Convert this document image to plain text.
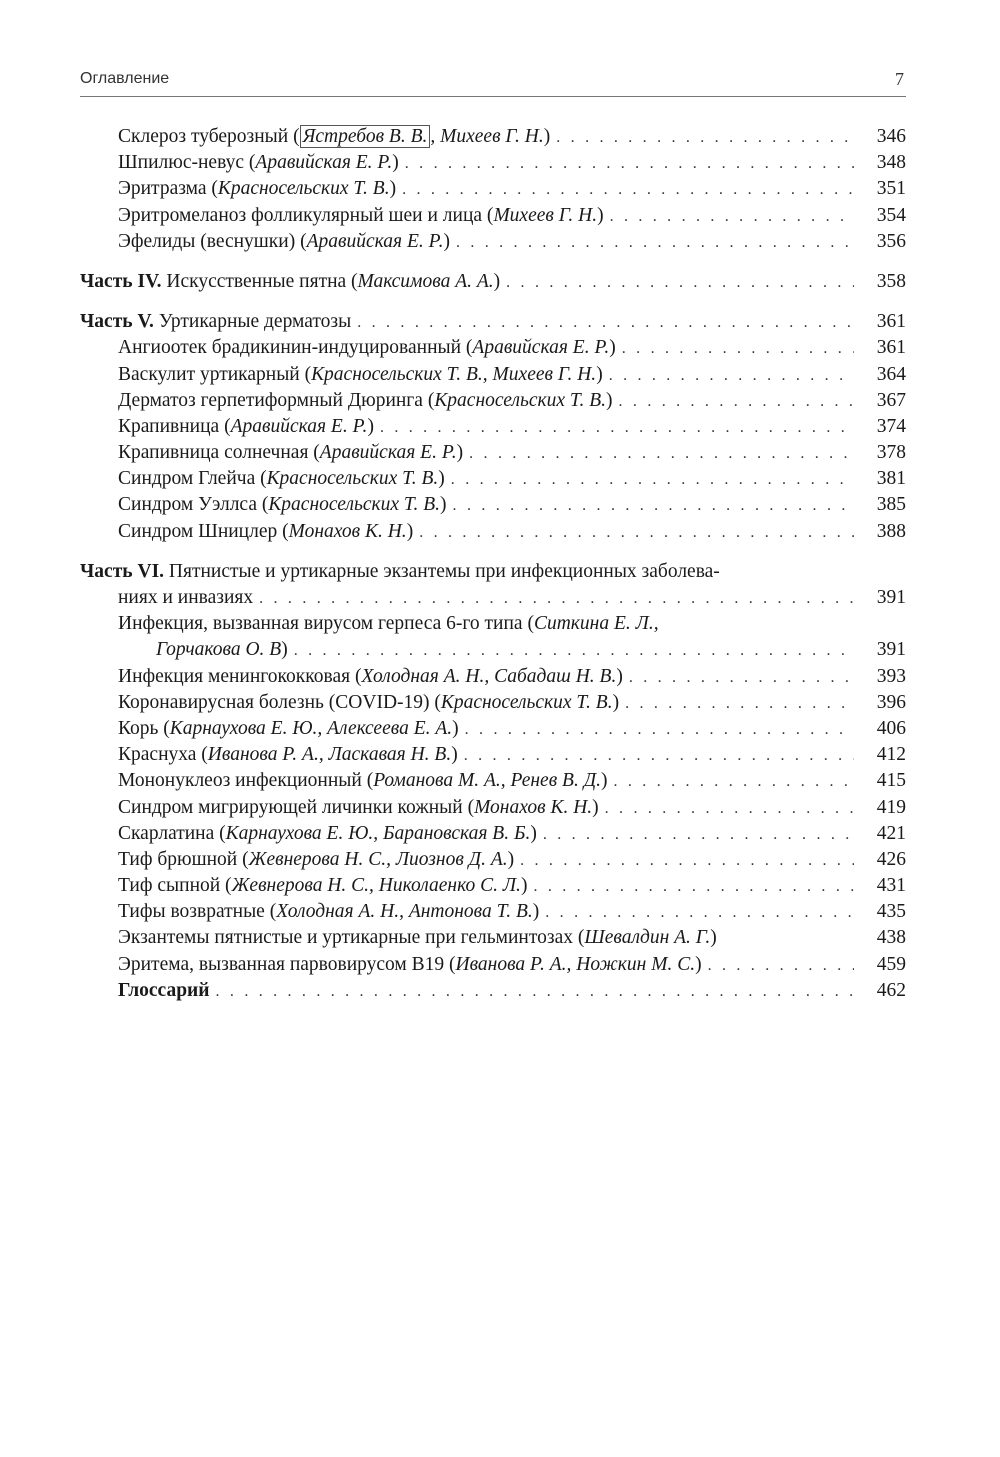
Оглавление	7
Склероз туберозный ( Ястребов В. В. , Михеев Г. Н.) . . .	346
Шпилюс-невус (Аравийская Е. Р.) . . .	348
Эритразма (Красносельских Т. В.) . . .	351
Эритромеланоз фолликулярный шеи и лица (Михеев Г. Н.) . . .	354
Эфелиды (веснушки) (Аравийская Е. Р.) . . .	356
Часть IV. Искусственные пятна (Максимова А. А.) . . .	358
Часть V. Уртикарные дерматозы . . .	361
Ангиоотек брадикинин-индуцированный (Аравийская Е. Р.) . . .	361
Васкулит уртикарный (Красносельских Т. В., Михеев Г. Н.) . . .	364
Дерматоз герпетиформный Дюринга (Красносельских Т. В.) . . .	367
Крапивница (Аравийская Е. Р.) . . .	374
Крапивница солнечная (Аравийская Е. Р.) . . .	378
Синдром Глейча (Красносельских Т. В.) . . .	381
Синдром Уэллса (Красносельских Т. В.) . . .	385
Синдром Шницлер (Монахов К. Н.) . . .	388
Часть VI. Пятнистые и уртикарные экзантемы при инфекционных заболева-
ниях и инвазиях . . .	391
Инфекция, вызванная вирусом герпеса 6-го типа (Ситкина Е. Л.,
Горчакова О. В) . . .	391
Инфекция менингококковая (Холодная А. Н., Сабадаш Н. В.) . . .	393
Коронавирусная болезнь (COVID-19) (Красносельских Т. В.) . . .	396
Корь (Карнаухова Е. Ю., Алексеева Е. А.) . . .	406
Краснуха (Иванова Р. А., Ласкавая Н. В.) . . .	412
Мононуклеоз инфекционный (Романова М. А., Ренев В. Д.) . . .	415
Синдром мигрирующей личинки кожный (Монахов К. Н.) . . .	419
Скарлатина (Карнаухова Е. Ю., Барановская В. Б.) . . .	421
Тиф брюшной (Жевнерова Н. С., Лиознов Д. А.) . . .	426
Тиф сыпной (Жевнерова Н. С., Николаенко С. Л.) . . .	431
Тифы возвратные (Холодная А. Н., Антонова Т. В.) . . .	435
Экзантемы пятнистые и уртикарные при гельминтозах (Шевалдин А. Г.)	438
Эритема, вызванная парвовирусом В19 (Иванова Р. А., Ножкин М. С.) . . .	459
Глоссарий . . .	462
